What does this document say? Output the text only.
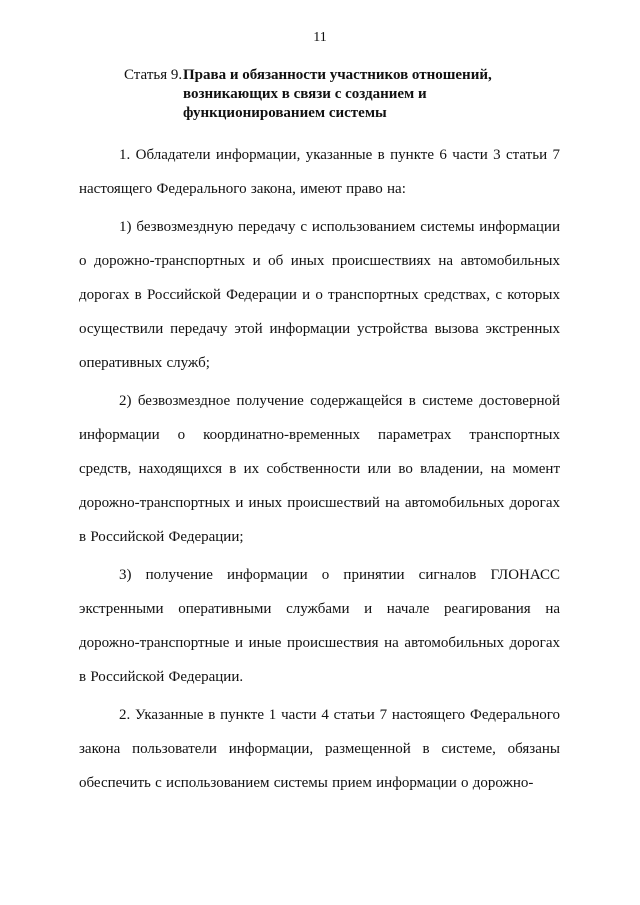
11

Статья 9. Права и обязанности участников отношений, возникающих в связи с созданием и функционированием системы

1. Обладатели информации, указанные в пункте 6 части 3 статьи 7 настоящего Федерального закона, имеют право на:

1) безвозмездную передачу с использованием системы информации о дорожно-транспортных и об иных происшествиях на автомобильных дорогах в Российской Федерации и о транспортных средствах, с которых осуществили передачу этой информации устройства вызова экстренных оперативных служб;

2) безвозмездное получение содержащейся в системе достоверной информации о координатно-временных параметрах транспортных средств, находящихся в их собственности или во владении, на момент дорожно-транспортных и иных происшествий на автомобильных дорогах в Российской Федерации;

3) получение информации о принятии сигналов ГЛОНАСС экстренными оперативными службами и начале реагирования на дорожно-транспортные и иные происшествия на автомобильных дорогах в Российской Федерации.

2. Указанные в пункте 1 части 4 статьи 7 настоящего Федерального закона пользователи информации, размещенной в системе, обязаны обеспечить с использованием системы прием информации о дорожно-
